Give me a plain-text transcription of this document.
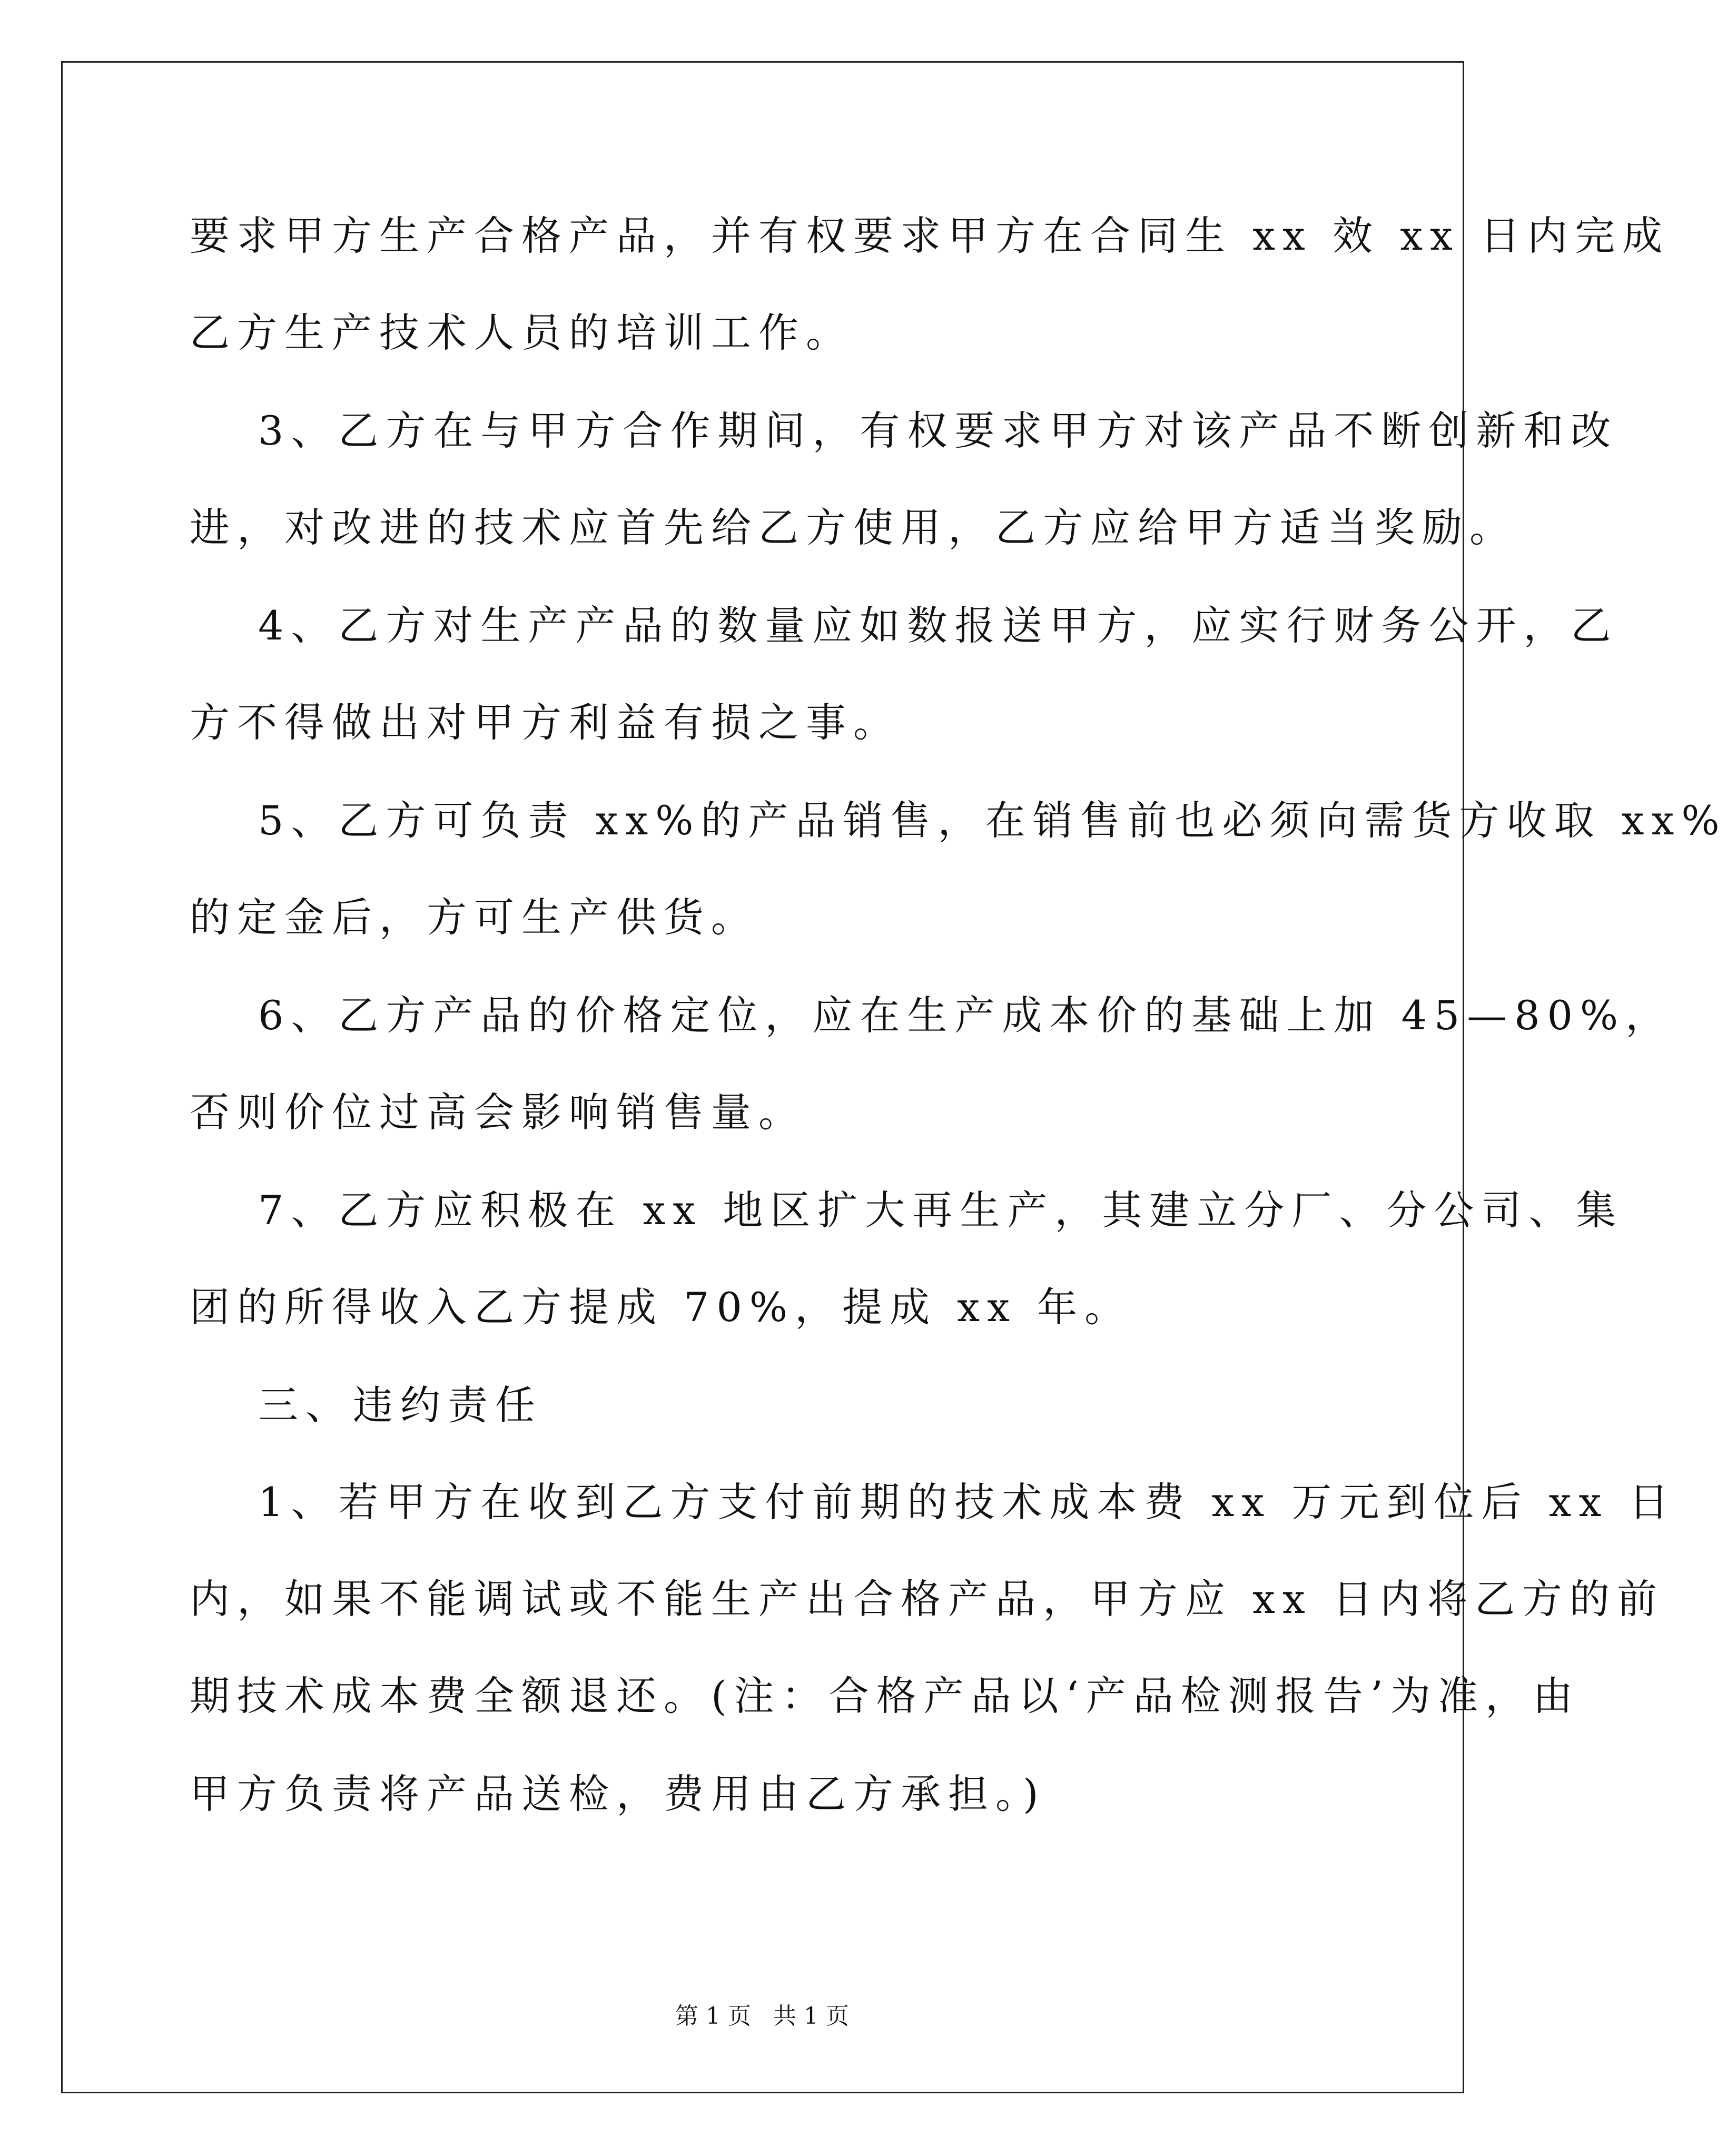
要求甲方生产合格产品，并有权要求甲方在合同生 xx 效 xx 日内完成
乙方生产技术人员的培训工作。
3、乙方在与甲方合作期间，有权要求甲方对该产品不断创新和改
进，对改进的技术应首先给乙方使用，乙方应给甲方适当奖励。
4、乙方对生产产品的数量应如数报送甲方，应实行财务公开，乙
方不得做出对甲方利益有损之事。
5、乙方可负责 xx%的产品销售，在销售前也必须向需货方收取 xx%
的定金后，方可生产供货。
6、乙方产品的价格定位，应在生产成本价的基础上加 45—80%，
否则价位过高会影响销售量。
7、乙方应积极在 xx 地区扩大再生产，其建立分厂、分公司、集
团的所得收入乙方提成 70%，提成 xx 年。
三、违约责任
1、若甲方在收到乙方支付前期的技术成本费 xx 万元到位后 xx 日
内，如果不能调试或不能生产出合格产品，甲方应 xx 日内将乙方的前
期技术成本费全额退还。(注：合格产品以‘产品检测报告’为准，由
甲方负责将产品送检，费用由乙方承担。)
第 1 页   共 1 页
